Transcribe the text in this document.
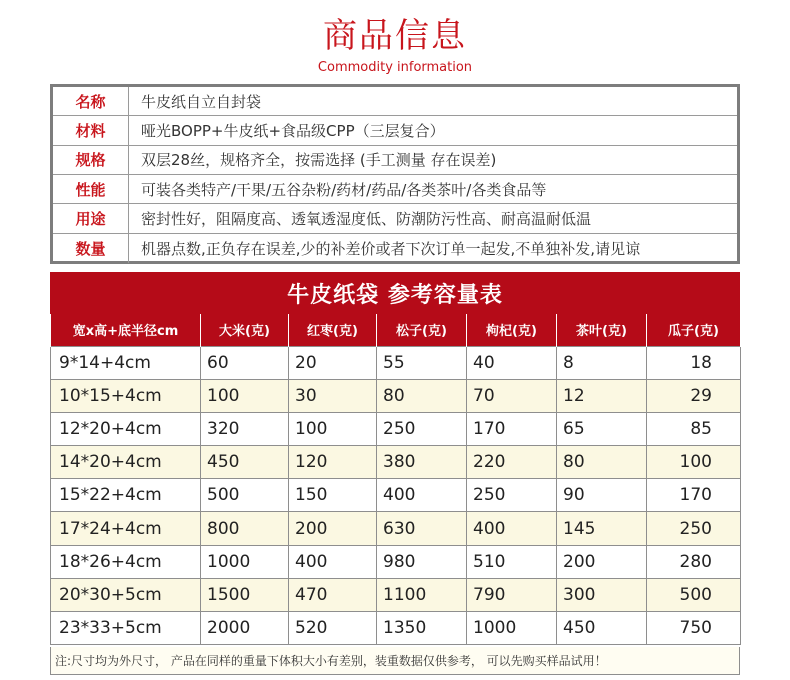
商品信息
Commodity information
名称	牛皮纸自立自封袋
材料	哑光BOPP+牛皮纸+食品级CPP（三层复合）
规格	双层28丝，规格齐全，按需选择 (手工测量 存在误差)
性能	可装各类特产/干果/五谷杂粉/药材/药品/各类茶叶/各类食品等
用途	密封性好，阻隔度高、透氧透湿度低、防潮防污性高、耐高温耐低温
数量	机器点数,正负存在误差,少的补差价或者下次订单一起发,不单独补发,请见谅
牛皮纸袋 参考容量表
宽x高+底半径cm	大米(克)	红枣(克)	松子(克)	枸杞(克)	茶叶(克)	瓜子(克)
9*14+4cm	60	20	55	40	8	18
10*15+4cm	100	30	80	70	12	29
12*20+4cm	320	100	250	170	65	85
14*20+4cm	450	120	380	220	80	100
15*22+4cm	500	150	400	250	90	170
17*24+4cm	800	200	630	400	145	250
18*26+4cm	1000	400	980	510	200	280
20*30+5cm	1500	470	1100	790	300	500
23*33+5cm	2000	520	1350	1000	450	750
注:尺寸均为外尺寸， 产品在同样的重量下体积大小有差别，装重数据仅供参考， 可以先购买样品试用！
